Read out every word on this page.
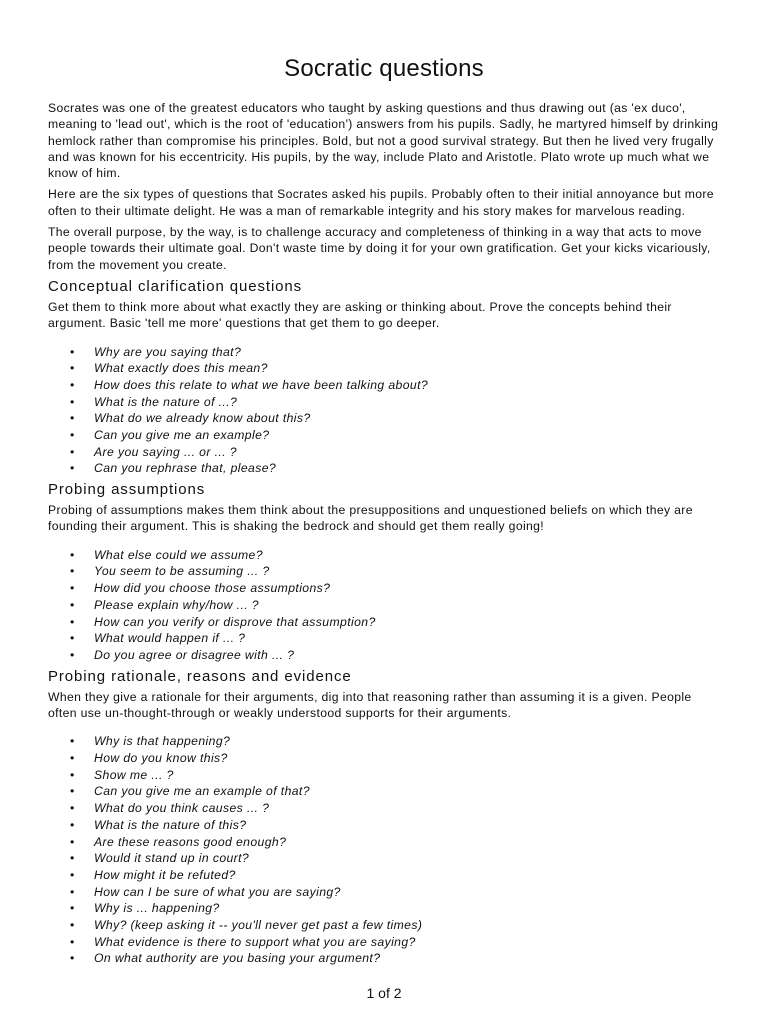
Socratic questions

Socrates was one of the greatest educators who taught by asking questions and thus drawing out (as 'ex duco', meaning to 'lead out', which is the root of 'education') answers from his pupils. Sadly, he martyred himself by drinking hemlock rather than compromise his principles. Bold, but not a good survival strategy. But then he lived very frugally and was known for his eccentricity. His pupils, by the way, include Plato and Aristotle. Plato wrote up much what we know of him.

Here are the six types of questions that Socrates asked his pupils. Probably often to their initial annoyance but more often to their ultimate delight. He was a man of remarkable integrity and his story makes for marvelous reading.

The overall purpose, by the way, is to challenge accuracy and completeness of thinking in a way that acts to move people towards their ultimate goal. Don't waste time by doing it for your own gratification. Get your kicks vicariously, from the movement you create.

Conceptual clarification questions

Get them to think more about what exactly they are asking or thinking about. Prove the concepts behind their argument. Basic 'tell me more' questions that get them to go deeper.

• Why are you saying that?
• What exactly does this mean?
• How does this relate to what we have been talking about?
• What is the nature of ...?
• What do we already know about this?
• Can you give me an example?
• Are you saying ... or ... ?
• Can you rephrase that, please?
Probing assumptions

Probing of assumptions makes them think about the presuppositions and unquestioned beliefs on which they are founding their argument. This is shaking the bedrock and should get them really going!

• What else could we assume?
• You seem to be assuming ... ?
• How did you choose those assumptions?
• Please explain why/how ... ?
• How can you verify or disprove that assumption?
• What would happen if ... ?
• Do you agree or disagree with ... ?
Probing rationale, reasons and evidence

When they give a rationale for their arguments, dig into that reasoning rather than assuming it is a given. People often use un-thought-through or weakly understood supports for their arguments.

• Why is that happening?
• How do you know this?
• Show me ... ?
• Can you give me an example of that?
• What do you think causes ... ?
• What is the nature of this?
• Are these reasons good enough?
• Would it stand up in court?
• How might it be refuted?
• How can I be sure of what you are saying?
• Why is ... happening?
• Why? (keep asking it -- you'll never get past a few times)
• What evidence is there to support what you are saying?
• On what authority are you basing your argument?
1 of 2
